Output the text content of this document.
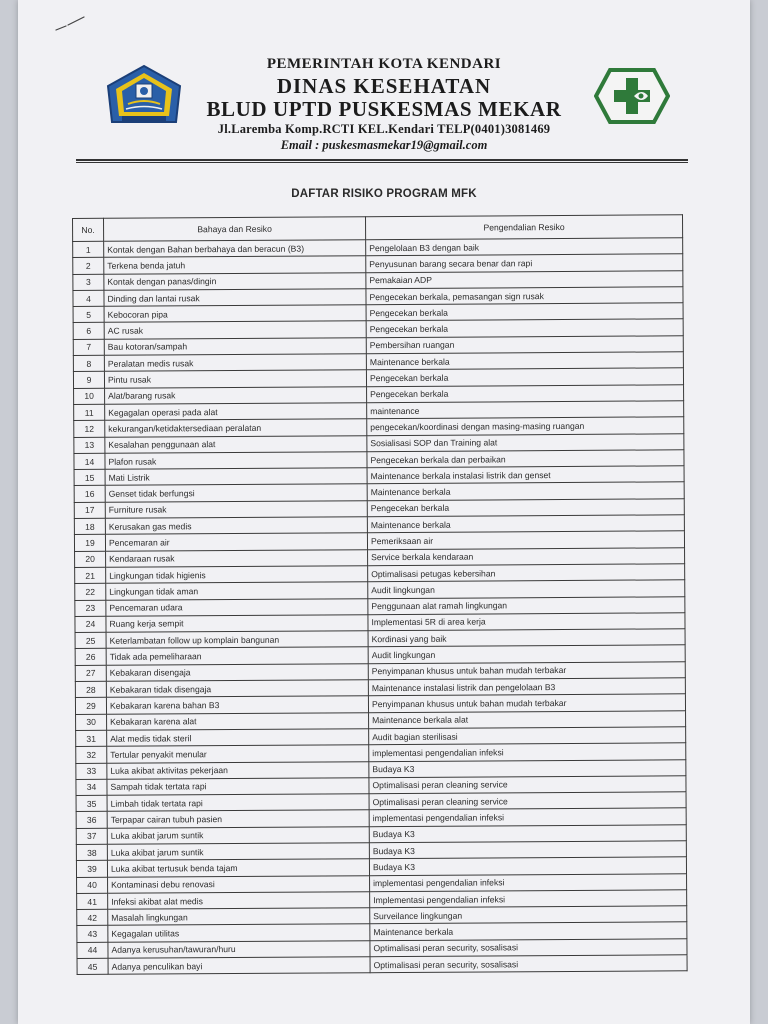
PEMERINTAH KOTA KENDARI
DINAS KESEHATAN
BLUD UPTD PUSKESMAS MEKAR
Jl.Laremba Komp.RCTI KEL.Kendari TELP(0401)3081469
Email : puskesmasmekar19@gmail.com
DAFTAR RISIKO PROGRAM MFK
No.	Bahaya dan Resiko	Pengendalian Resiko
1	Kontak dengan Bahan berbahaya dan beracun (B3)	Pengelolaan B3 dengan baik
2	Terkena benda jatuh	Penyusunan barang secara benar dan rapi
3	Kontak dengan panas/dingin	Pemakaian ADP
4	Dinding dan lantai rusak	Pengecekan berkala, pemasangan sign rusak
5	Kebocoran pipa	Pengecekan berkala
6	AC rusak	Pengecekan berkala
7	Bau kotoran/sampah	Pembersihan ruangan
8	Peralatan medis rusak	Maintenance berkala
9	Pintu rusak	Pengecekan berkala
10	Alat/barang rusak	Pengecekan berkala
11	Kegagalan operasi pada alat	maintenance
12	kekurangan/ketidaktersediaan peralatan	pengecekan/koordinasi dengan masing-masing ruangan
13	Kesalahan penggunaan alat	Sosialisasi SOP dan Training alat
14	Plafon rusak	Pengecekan berkala dan perbaikan
15	Mati Listrik	Maintenance berkala instalasi listrik dan genset
16	Genset tidak berfungsi	Maintenance berkala
17	Furniture rusak	Pengecekan berkala
18	Kerusakan gas medis	Maintenance berkala
19	Pencemaran air	Pemeriksaan air
20	Kendaraan rusak	Service berkala kendaraan
21	Lingkungan tidak higienis	Optimalisasi petugas kebersihan
22	Lingkungan tidak aman	Audit lingkungan
23	Pencemaran udara	Penggunaan alat ramah lingkungan
24	Ruang kerja sempit	Implementasi 5R di area kerja
25	Keterlambatan follow up komplain bangunan	Kordinasi yang baik
26	Tidak ada pemeliharaan	Audit lingkungan
27	Kebakaran disengaja	Penyimpanan khusus untuk bahan mudah terbakar
28	Kebakaran tidak disengaja	Maintenance instalasi listrik dan pengelolaan B3
29	Kebakaran karena bahan B3	Penyimpanan khusus untuk bahan mudah terbakar
30	Kebakaran karena alat	Maintenance berkala alat
31	Alat medis tidak steril	Audit bagian sterilisasi
32	Tertular penyakit menular	implementasi pengendalian infeksi
33	Luka akibat aktivitas pekerjaan	Budaya K3
34	Sampah tidak tertata rapi	Optimalisasi peran cleaning service
35	Limbah tidak tertata rapi	Optimalisasi peran cleaning service
36	Terpapar cairan tubuh pasien	implementasi pengendalian infeksi
37	Luka akibat jarum suntik	Budaya K3
38	Luka akibat jarum suntik	Budaya K3
39	Luka akibat tertusuk benda tajam	Budaya K3
40	Kontaminasi debu renovasi	implementasi pengendalian infeksi
41	Infeksi akibat alat medis	Implementasi pengendalian infeksi
42	Masalah lingkungan	Surveilance lingkungan
43	Kegagalan utilitas	Maintenance berkala
44	Adanya kerusuhan/tawuran/huru	Optimalisasi peran security, sosalisasi
45	Adanya penculikan bayi	Optimalisasi peran security, sosalisasi
